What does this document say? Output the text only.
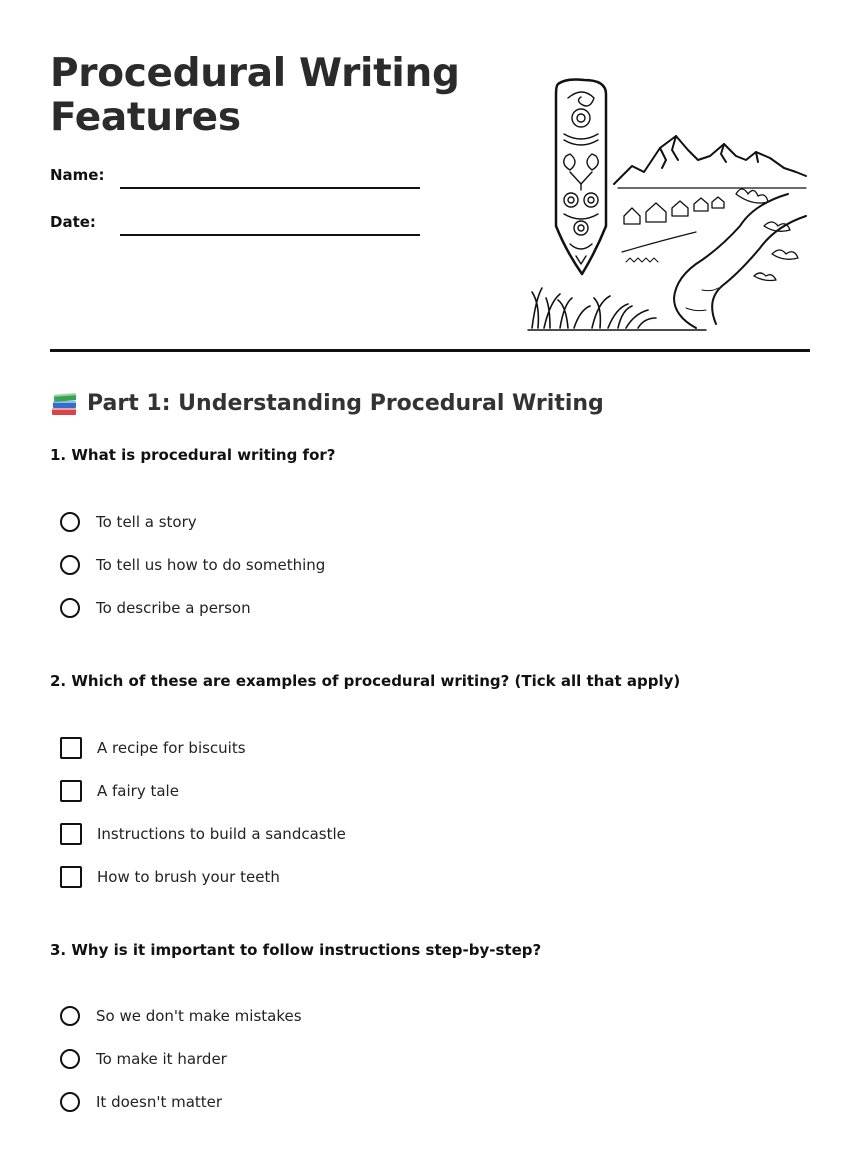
Procedural Writing
Features
Name:
Date:
Part 1: Understanding Procedural Writing

1. What is procedural writing for?

To tell a story
To tell us how to do something
To describe a person

2. Which of these are examples of procedural writing? (Tick all that apply)

A recipe for biscuits
A fairy tale
Instructions to build a sandcastle
How to brush your teeth

3. Why is it important to follow instructions step-by-step?

So we don't make mistakes
To make it harder
It doesn't matter
